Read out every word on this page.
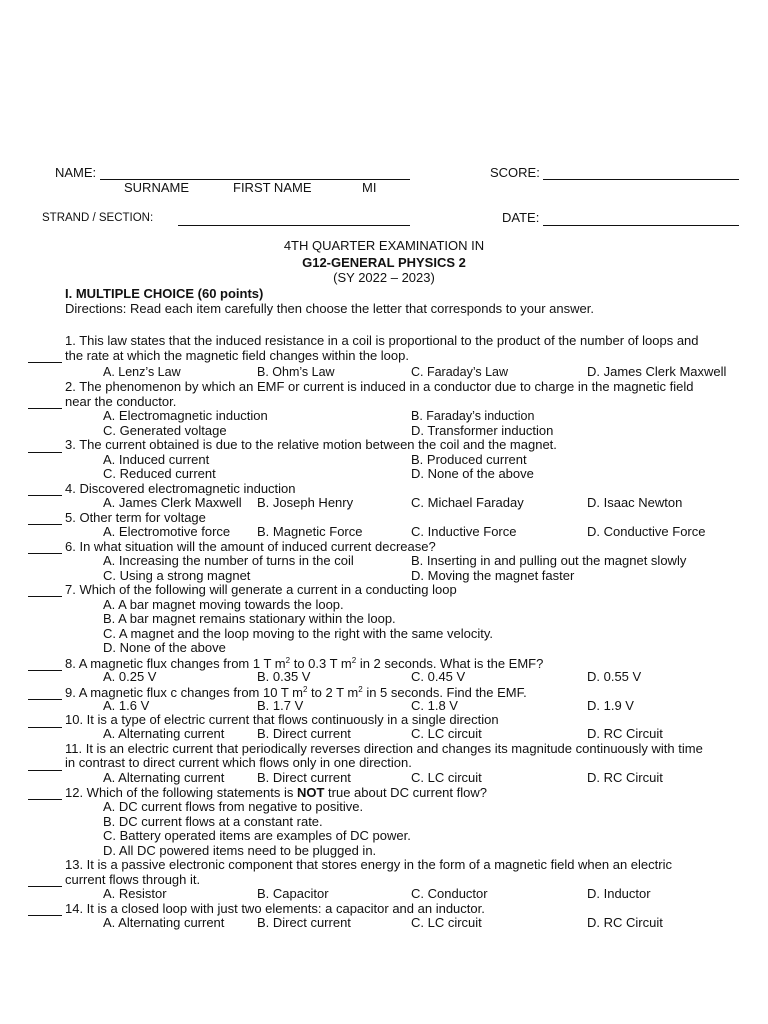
NAME:
SURNAME	FIRST NAME	MI
SCORE:
STRAND / SECTION:	DATE:
4TH QUARTER EXAMINATION IN
G12-GENERAL PHYSICS 2
(SY 2022 – 2023)
I. MULTIPLE CHOICE (60 points)
Directions: Read each item carefully then choose the letter that corresponds to your answer.
1. This law states that the induced resistance in a coil is proportional to the product of the number of loops and
the rate at which the magnetic field changes within the loop.
A. Lenz’s Law	B. Ohm’s Law	C. Faraday’s Law	D. James Clerk Maxwell
2. The phenomenon by which an EMF or current is induced in a conductor due to charge in the magnetic field
near the conductor.
A. Electromagnetic induction	B. Faraday’s induction
C. Generated voltage	D. Transformer induction
3. The current obtained is due to the relative motion between the coil and the magnet.
A. Induced current	B. Produced current
C. Reduced current	D. None of the above
4. Discovered electromagnetic induction
A. James Clerk Maxwell B. Joseph Henry	C. Michael Faraday	D. Isaac Newton
5. Other term for voltage
A. Electromotive force B. Magnetic Force	C. Inductive Force	D. Conductive Force
6. In what situation will the amount of induced current decrease?
A. Increasing the number of turns in the coil	B. Inserting in and pulling out the magnet slowly
C. Using a strong magnet	D. Moving the magnet faster
7. Which of the following will generate a current in a conducting loop
A. A bar magnet moving towards the loop.
B. A bar magnet remains stationary within the loop.
C. A magnet and the loop moving to the right with the same velocity.
D. None of the above
8. A magnetic flux changes from 1 T $m^2$ to 0.3 T $m^2$ in 2 seconds. What is the EMF?
A. 0.25 V	B. 0.35 V	C. 0.45 V	D. 0.55 V
9. A magnetic flux c changes from 10 T $m^2$ to 2 T $m^2$ in 5 seconds. Find the EMF.
A. 1.6 V	B. 1.7 V	C. 1.8 V	D. 1.9 V
10. It is a type of electric current that flows continuously in a single direction
A. Alternating current	B. Direct current	C. LC circuit	D. RC Circuit
11. It is an electric current that periodically reverses direction and changes its magnitude continuously with time
in contrast to direct current which flows only in one direction.
A. Alternating current	B. Direct current	C. LC circuit	D. RC Circuit
12. Which of the following statements is NOT true about DC current flow?
A. DC current flows from negative to positive.
B. DC current flows at a constant rate.
C. Battery operated items are examples of DC power.
D. All DC powered items need to be plugged in.
13. It is a passive electronic component that stores energy in the form of a magnetic field when an electric
current flows through it.
A. Resistor	B. Capacitor	C. Conductor	D. Inductor
14. It is a closed loop with just two elements: a capacitor and an inductor.
A. Alternating current	B. Direct current	C. LC circuit	D. RC Circuit
